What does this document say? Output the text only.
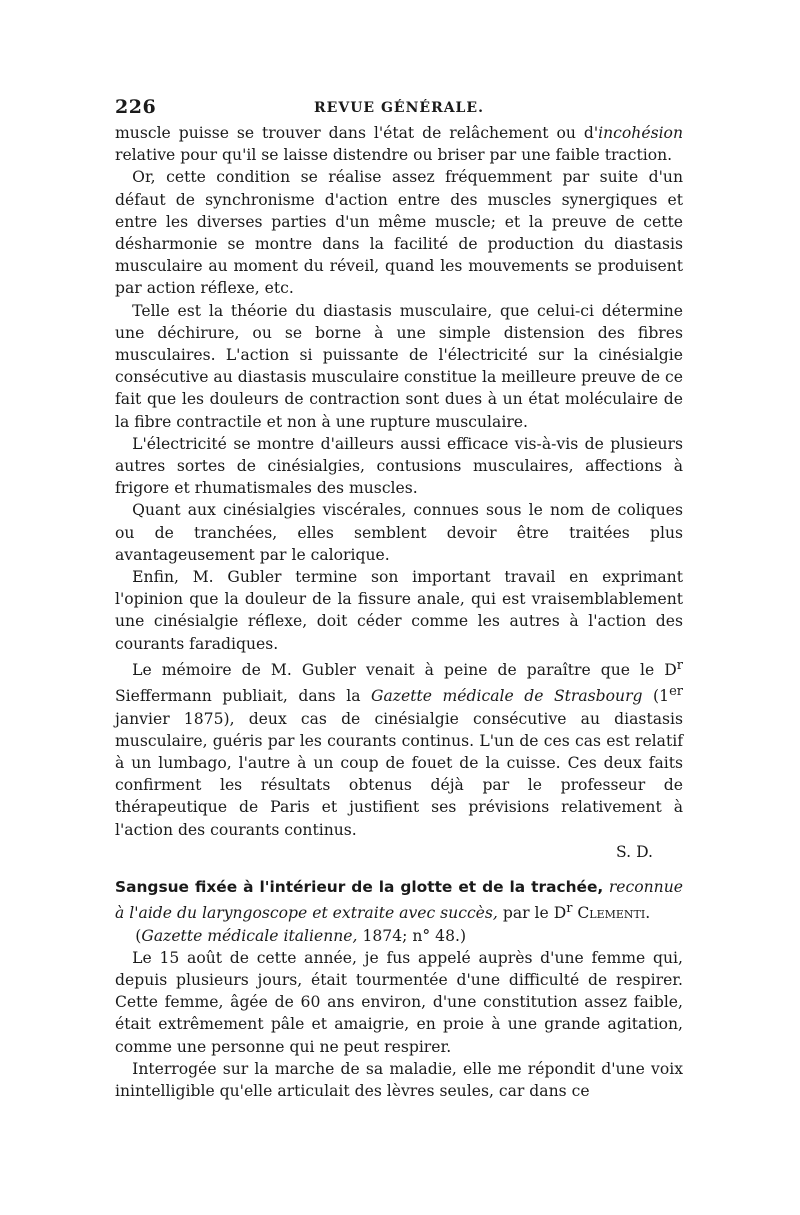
226	REVUE GÉNÉRALE.

muscle puisse se trouver dans l'état de relâchement ou d'incohésion relative pour qu'il se laisse distendre ou briser par une faible traction.

Or, cette condition se réalise assez fréquemment par suite d'un défaut de synchronisme d'action entre des muscles synergiques et entre les diverses parties d'un même muscle; et la preuve de cette désharmonie se montre dans la facilité de production du diastasis musculaire au moment du réveil, quand les mouvements se produisent par action réflexe, etc.

Telle est la théorie du diastasis musculaire, que celui-ci détermine une déchirure, ou se borne à une simple distension des fibres musculaires. L'action si puissante de l'électricité sur la cinésialgie consécutive au diastasis musculaire constitue la meilleure preuve de ce fait que les douleurs de contraction sont dues à un état moléculaire de la fibre contractile et non à une rupture musculaire.

L'électricité se montre d'ailleurs aussi efficace vis-à-vis de plusieurs autres sortes de cinésialgies, contusions musculaires, affections à frigore et rhumatismales des muscles.

Quant aux cinésialgies viscérales, connues sous le nom de coliques ou de tranchées, elles semblent devoir être traitées plus avantageusement par le calorique.

Enfin, M. Gubler termine son important travail en exprimant l'opinion que la douleur de la fissure anale, qui est vraisemblablement une cinésialgie réflexe, doit céder comme les autres à l'action des courants faradiques.

Le mémoire de M. Gubler venait à peine de paraître que le $D^r$ Sieffermann publiait, dans la Gazette médicale de Strasbourg (1er janvier 1875), deux cas de cinésialgie consécutive au diastasis musculaire, guéris par les courants continus. L'un de ces cas est relatif à un lumbago, l'autre à un coup de fouet de la cuisse. Ces deux faits confirment les résultats obtenus déjà par le professeur de thérapeutique de Paris et justifient ses prévisions relativement à l'action des courants continus.

S. D.

Sangsue fixée à l'intérieur de la glotte et de la trachée, reconnue à l'aide du laryngoscope et extraite avec succès, par le $D^r$ Clementi.

(Gazette médicale italienne, 1874; n° 48.)

Le 15 août de cette année, je fus appelé auprès d'une femme qui, depuis plusieurs jours, était tourmentée d'une difficulté de respirer. Cette femme, âgée de 60 ans environ, d'une constitution assez faible, était extrêmement pâle et amaigrie, en proie à une grande agitation, comme une personne qui ne peut respirer.

Interrogée sur la marche de sa maladie, elle me répondit d'une voix inintelligible qu'elle articulait des lèvres seules, car dans ce
